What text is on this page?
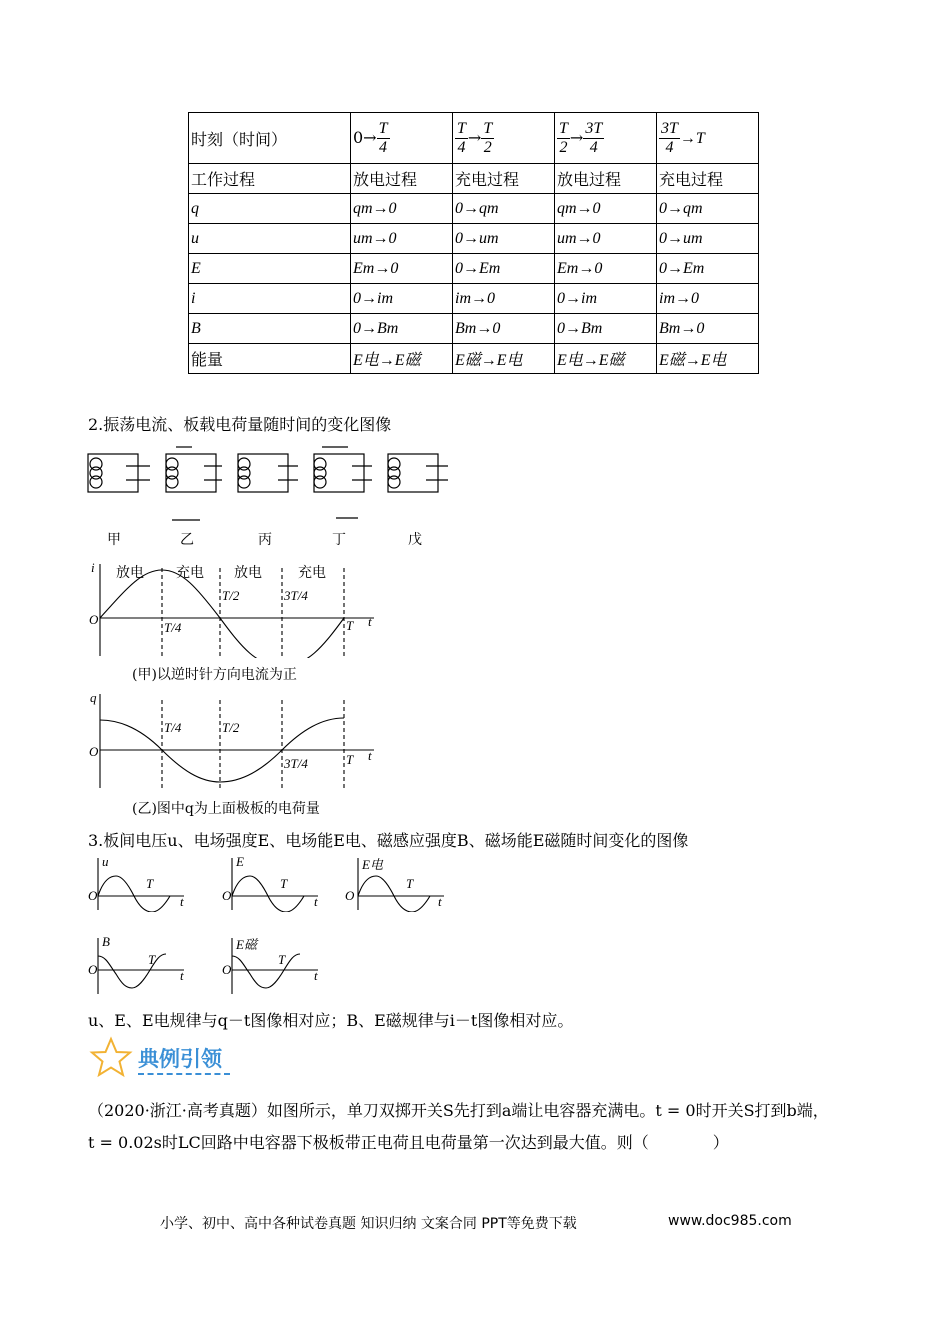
时刻（时间）	$0\to \frac{T}{4}$	$\frac{T}{4} \to \frac{T}{2}$	$\frac{T}{2} \to \frac{3T}{4}$	$\frac{3T}{4} \to T$
工作过程	放电过程	充电过程	放电过程	充电过程
q	qm→0	0→qm	qm→0	0→qm
u	um→0	0→um	um→0	0→um
E	Em→0	0→Em	Em→0	0→Em
i	0→im	im→0	0→im	im→0
B	0→Bm	Bm→0	0→Bm	Bm→0
能量	E电→E磁	E磁→E电	E电→E磁	E磁→E电
2.振荡电流、板载电荷量随时间的变化图像
甲	乙	丙	丁	戊
i
t
O
放电 充电 放电	充电
T/4
T/2	3T/4
T
(甲)以逆时针方向电流为正
q
t
O
T/4	T/2
3T/4	T
(乙)图中q为上面极板的电荷量
3.板间电压u、电场强度E、电场能E电、磁感应强度B、磁场能E磁随时间变化的图像
u
O
T
t
E
O
T
t
E电
O
T
t
B
O
T
t
E磁
O
T
t
u、E、E电规律与q－t图像相对应；B、E磁规律与i－t图像相对应。
典例引领
（2020·浙江·高考真题）如图所示，单刀双掷开关S先打到a端让电容器充满电。t = 0时开关S打到b端，
t = 0.02s时LC回路中电容器下极板带正电荷且电荷量第一次达到最大值。则（　　　　）
小学、初中、高中各种试卷真题 知识归纳 文案合同 PPT等免费下载	www.doc985.com
